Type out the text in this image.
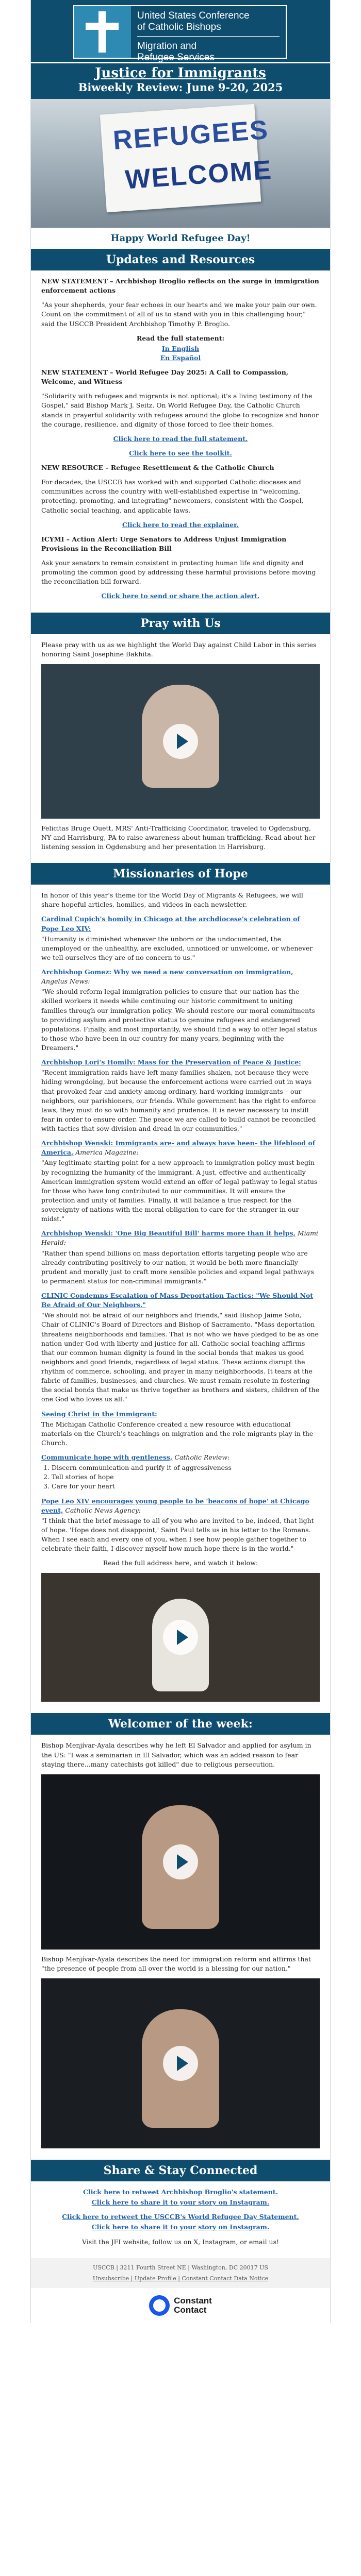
United States Conference
of Catholic Bishops
Migration and
Refugee Services
Justice for Immigrants
Biweekly Review: June 9-20, 2025
REFUGEES
WELCOME
Happy World Refugee Day!
Updates and Resources

NEW STATEMENT – Archbishop Broglio reflects on the surge in immigration enforcement actions

"As your shepherds, your fear echoes in our hearts and we make your pain our own. Count on the commitment of all of us to stand with you in this challenging hour," said the USCCB President Archbishop Timothy P. Broglio.

Read the full statement:

In English

En Español

NEW STATEMENT – World Refugee Day 2025: A Call to Compassion, Welcome, and Witness

"Solidarity with refugees and migrants is not optional; it's a living testimony of the Gospel," said Bishop Mark J. Seitz. On World Refugee Day, the Catholic Church stands in prayerful solidarity with refugees around the globe to recognize and honor the courage, resilience, and dignity of those forced to flee their homes.

Click here to read the full statement.

Click here to see the toolkit.

NEW RESOURCE – Refugee Resettlement & the Catholic Church

For decades, the USCCB has worked with and supported Catholic dioceses and communities across the country with well-established expertise in "welcoming, protecting, promoting, and integrating" newcomers, consistent with the Gospel, Catholic social teaching, and applicable laws.

Click here to read the explainer.

ICYMI – Action Alert: Urge Senators to Address Unjust Immigration Provisions in the Reconciliation Bill

Ask your senators to remain consistent in protecting human life and dignity and promoting the common good by addressing these harmful provisions before moving the reconciliation bill forward.

Click here to send or share the action alert.

Pray with Us

Please pray with us as we highlight the World Day against Child Labor in this series honoring Saint Josephine Bakhita.

Felicitas Bruge Ouett, MRS' Anti-Trafficking Coordinator, traveled to Ogdensburg, NY and Harrisburg, PA to raise awareness about human trafficking. Read about her listening session in Ogdensburg and her presentation in Harrisburg.

Missionaries of Hope

In honor of this year's theme for the World Day of Migrants & Refugees, we will share hopeful articles, homilies, and videos in each newsletter.

Cardinal Cupich's homily in Chicago at the archdiocese's celebration of Pope Leo XIV:

"Humanity is diminished whenever the unborn or the undocumented, the unemployed or the unhealthy, are excluded, unnoticed or unwelcome, or whenever we tell ourselves they are of no concern to us."

Archbishop Gomez: Why we need a new conversation on immigration, Angelus News:

"We should reform legal immigration policies to ensure that our nation has the skilled workers it needs while continuing our historic commitment to uniting families through our immigration policy. We should restore our moral commitments to providing asylum and protective status to genuine refugees and endangered populations. Finally, and most importantly, we should find a way to offer legal status to those who have been in our country for many years, beginning with the Dreamers."

Archbishop Lori's Homily: Mass for the Preservation of Peace & Justice:

"Recent immigration raids have left many families shaken, not because they were hiding wrongdoing, but because the enforcement actions were carried out in ways that provoked fear and anxiety among ordinary, hard-working immigrants – our neighbors, our parishioners, our friends. While government has the right to enforce laws, they must do so with humanity and prudence. It is never necessary to instill fear in order to ensure order. The peace we are called to build cannot be reconciled with tactics that sow division and dread in our communities."

Archbishop Wenski: Immigrants are- and always have been– the lifeblood of America, America Magazine:

"Any legitimate starting point for a new approach to immigration policy must begin by recognizing the humanity of the immigrant. A just, effective and authentically American immigration system would extend an offer of legal pathway to legal status for those who have long contributed to our communities. It will ensure the protection and unity of families. Finally, it will balance a true respect for the sovereignty of nations with the moral obligation to care for the stranger in our midst."

Archbishop Wenski: 'One Big Beautiful Bill' harms more than it helps, Miami Herald:

"Rather than spend billions on mass deportation efforts targeting people who are already contributing positively to our nation, it would be both more financially prudent and morally just to craft more sensible policies and expand legal pathways to permanent status for non-criminal immigrants."

CLINIC Condemns Escalation of Mass Deportation Tactics: "We Should Not Be Afraid of Our Neighbors."

"We should not be afraid of our neighbors and friends," said Bishop Jaime Soto, Chair of CLINIC's Board of Directors and Bishop of Sacramento. "Mass deportation threatens neighborhoods and families. That is not who we have pledged to be as one nation under God with liberty and justice for all. Catholic social teaching affirms that our common human dignity is found in the social bonds that makes us good neighbors and good friends, regardless of legal status. These actions disrupt the rhythm of commerce, schooling, and prayer in many neighborhoods. It tears at the fabric of families, businesses, and churches. We must remain resolute in fostering the social bonds that make us thrive together as brothers and sisters, children of the one God who loves us all."

Seeing Christ in the Immigrant:

The Michigan Catholic Conference created a new resource with educational materials on the Church's teachings on migration and the role migrants play in the Church.

Communicate hope with gentleness, Catholic Review:

1. Discern communication and purify it of aggressiveness
2. Tell stories of hope
3. Care for your heart

Pope Leo XIV encourages young people to be 'beacons of hope' at Chicago event, Catholic News Agency:

"I think that the brief message to all of you who are invited to be, indeed, that light of hope. 'Hope does not disappoint,' Saint Paul tells us in his letter to the Romans. When I see each and every one of you, when I see how people gather together to celebrate their faith, I discover myself how much hope there is in the world."

Read the full address here, and watch it below:

Welcomer of the week:

Bishop Menjívar-Ayala describes why he left El Salvador and applied for asylum in the US: "I was a seminarian in El Salvador, which was an added reason to fear staying there...many catechists got killed" due to religious persecution.

Bishop Menjívar-Ayala describes the need for immigration reform and affirms that "the presence of people from all over the world is a blessing for our nation."

Share & Stay Connected

Click here to retweet Archbishop Broglio's statement.

Click here to share it to your story on Instagram.

Click here to retweet the USCCB's World Refugee Day Statement.

Click here to share it to your story on Instagram.

Visit the JFI website, follow us on X, Instagram, or email us!

USCCB | 3211 Fourth Street NE | Washington, DC 20017 US
Unsubscribe | Update Profile | Constant Contact Data Notice
Constant
Contact
